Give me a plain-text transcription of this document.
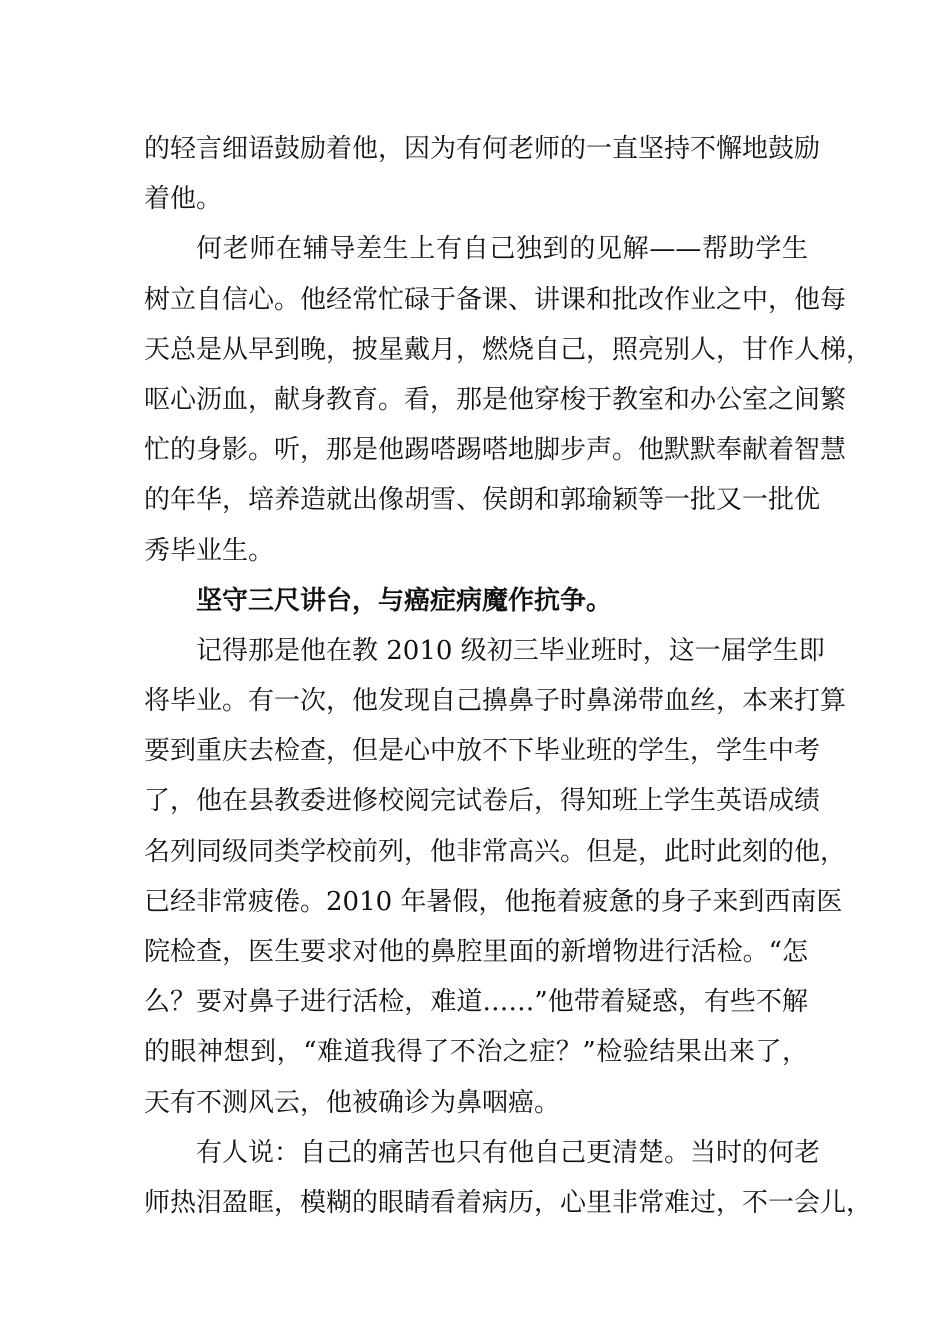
的轻言细语鼓励着他，因为有何老师的一直坚持不懈地鼓励
着他。
何老师在辅导差生上有自己独到的见解——帮助学生
树立自信心。他经常忙碌于备课、讲课和批改作业之中，他每
天总是从早到晚，披星戴月，燃烧自己，照亮别人，甘作人梯，
呕心沥血，献身教育。看，那是他穿梭于教室和办公室之间繁
忙的身影。听，那是他踢嗒踢嗒地脚步声。他默默奉献着智慧
的年华，培养造就出像胡雪、侯朗和郭瑜颖等一批又一批优
秀毕业生。
坚守三尺讲台，与癌症病魔作抗争。
记得那是他在教 2010 级初三毕业班时，这一届学生即
将毕业。有一次，他发现自己擤鼻子时鼻涕带血丝，本来打算
要到重庆去检查，但是心中放不下毕业班的学生，学生中考
了，他在县教委进修校阅完试卷后，得知班上学生英语成绩
名列同级同类学校前列，他非常高兴。但是，此时此刻的他，
已经非常疲倦。2010 年暑假，他拖着疲惫的身子来到西南医
院检查，医生要求对他的鼻腔里面的新增物进行活检。“怎
么？要对鼻子进行活检，难道……”他带着疑惑，有些不解
的眼神想到，“难道我得了不治之症？”检验结果出来了，
天有不测风云，他被确诊为鼻咽癌。
有人说：自己的痛苦也只有他自己更清楚。当时的何老
师热泪盈眶，模糊的眼睛看着病历，心里非常难过，不一会儿，
